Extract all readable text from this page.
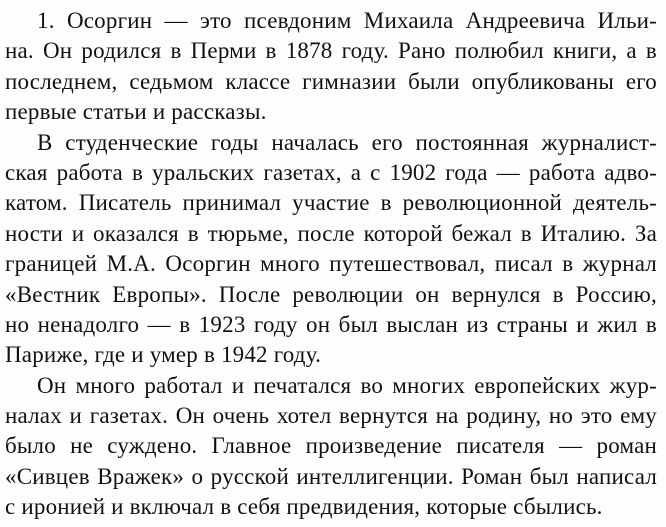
1. Осоргин — это псевдоним Михаила Андреевича Ильи-
на. Он родился в Перми в 1878 году. Рано полюбил книги, а в
последнем, седьмом классе гимназии были опубликованы его
первые статьи и рассказы.
В студенческие годы началась его постоянная журналист-
ская работа в уральских газетах, а с 1902 года — работа адво-
катом. Писатель принимал участие в революционной деятель-
ности и оказался в тюрьме, после которой бежал в Италию. За
границей М.А. Осоргин много путешествовал, писал в журнал
«Вестник Европы». После революции он вернулся в Россию,
но ненадолго — в 1923 году он был выслан из страны и жил в
Париже, где и умер в 1942 году.
Он много работал и печатался во многих европейских жур-
налах и газетах. Он очень хотел вернутся на родину, но это ему
было не суждено. Главное произведение писателя — роман
«Сивцев Вражек» о русской интеллигенции. Роман был написал
с иронией и включал в себя предвидения, которые сбылись.
